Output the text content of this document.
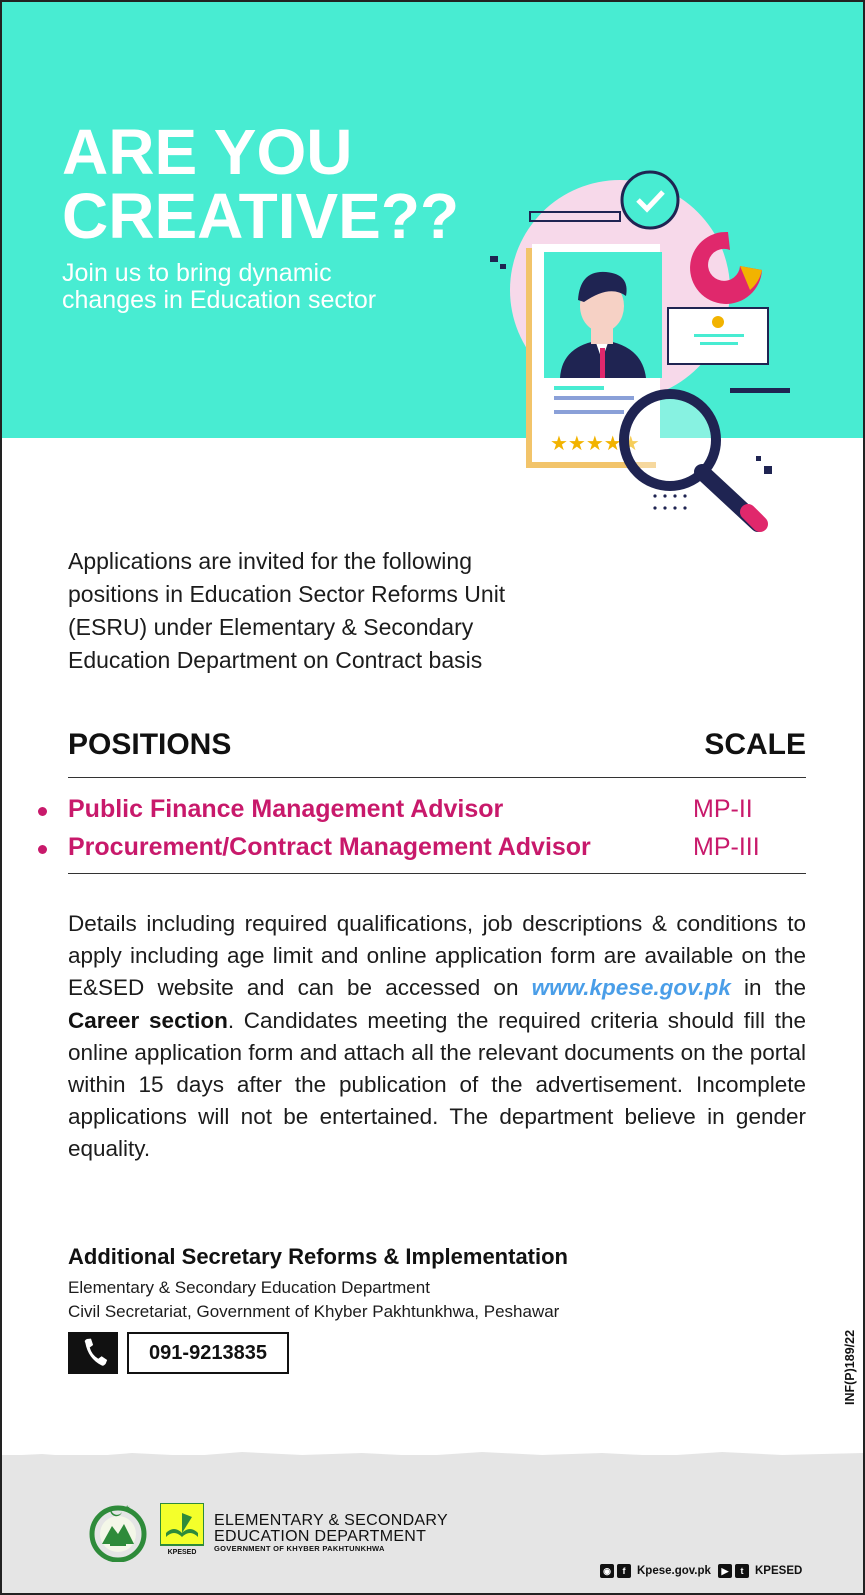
ARE YOU
CREATIVE??
Join us to bring dynamic
changes in Education sector
★★★★★
Applications are invited for the following
positions in Education Sector Reforms Unit
(ESRU) under Elementary & Secondary
Education Department on Contract basis
POSITIONS	SCALE
Public Finance Management Advisor	MP-II
Procurement/Contract Management Advisor	MP-III
Details including required qualifications, job descriptions & conditions to apply including age limit and online application form are available on the E&SED website and can be accessed on www.kpese.gov.pk in the Career section. Candidates meeting the required criteria should fill the online application form and attach all the relevant documents on the portal within 15 days after the publication of the advertisement. Incomplete applications will not be entertained. The department believe in gender equality.
Additional Secretary Reforms & Implementation
Elementary & Secondary Education Department
Civil Secretariat, Government of Khyber Pakhtunkhwa, Peshawar
091-9213835	INF(P)189/22
★
KPESED
ELEMENTARY & SECONDARY
EDUCATION DEPARTMENT
GOVERNMENT OF KHYBER PAKHTUNKHWA
◉	f	Kpese.gov.pk	▶	t	KPESED
